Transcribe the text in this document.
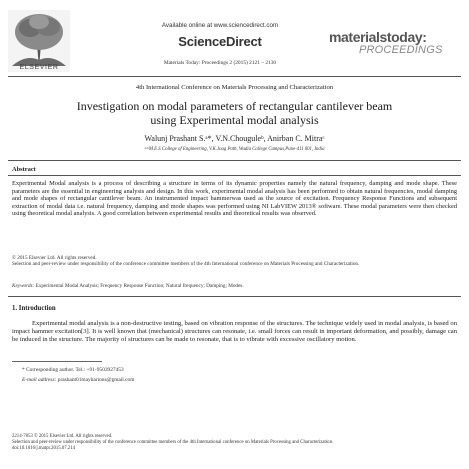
ELSEVIER
Available online at www.sciencedirect.com
ScienceDirect
Materials Today: Proceedings 2 (2015) 2121 – 2130
materialstoday:
PROCEEDINGS
4th International Conference on Materials Processing and Characterization
Investigation on modal parameters of rectangular cantilever beam
using Experimental modal analysis
Walunj Prashant S.ᵃ*, V.N.Chouguleᵇ, Anirban C. Mitraᶜ
ᵃᵇᶜM.E.S College of Engineering, V.K.Joag Path, Wadia College Campus,Pune-411 001, India
Abstract
Experimental Modal analysis is a process of describing a structure in terms of its dynamic properties namely the natural frequency, damping and mode shape. These parameters are the essential in engineering analysis and design. In this work, experimental modal analysis has been performed to obtain natural frequencies, modal damping and mode shapes of rectangular cantilever beam. An instrumented impact hammerwas used as the source of excitation. Frequency Response Functions and subsequent extraction of modal data i.e. natural frequency, damping and mode shapes was performed using NI LabVIEW 2013® software. These modal parameters were then checked using theoretical modal analysis. A good correlation between experimental results and theoretical results was observed.
© 2015 Elsevier Ltd. All rights reserved.
Selection and peer-review under responsibility of the conference committee members of the 4th International conference on Materials Processing and Characterization.
Keywords: Experimental Modal Analysis; Frequency Response Function; Natural frequency; Damping; Modes.
1. Introduction
Experimental modal analysis is a non-destructive testing, based on vibration response of the structures. The technique widely used in modal analysis, is based on impact hammer excitation[3]. It is well known that (mechanical) structures can resonate, i.e. small forces can result in important deformation, and possibly, damage can be induced in the structure. The majority of structures can be made to resonate, that is to vibrate with excessive oscillatory motion.
* Corresponding author. Tel.: +91-9503927453
E-mail address: prashant01maybarions@gmail.com
2214-7853 © 2015 Elsevier Ltd. All rights reserved.
Selection and peer-review under responsibility of the conference committee members of the 4th International conference on Materials Processing and Characterization.
doi:10.1016/j.matpr.2015.07.214
